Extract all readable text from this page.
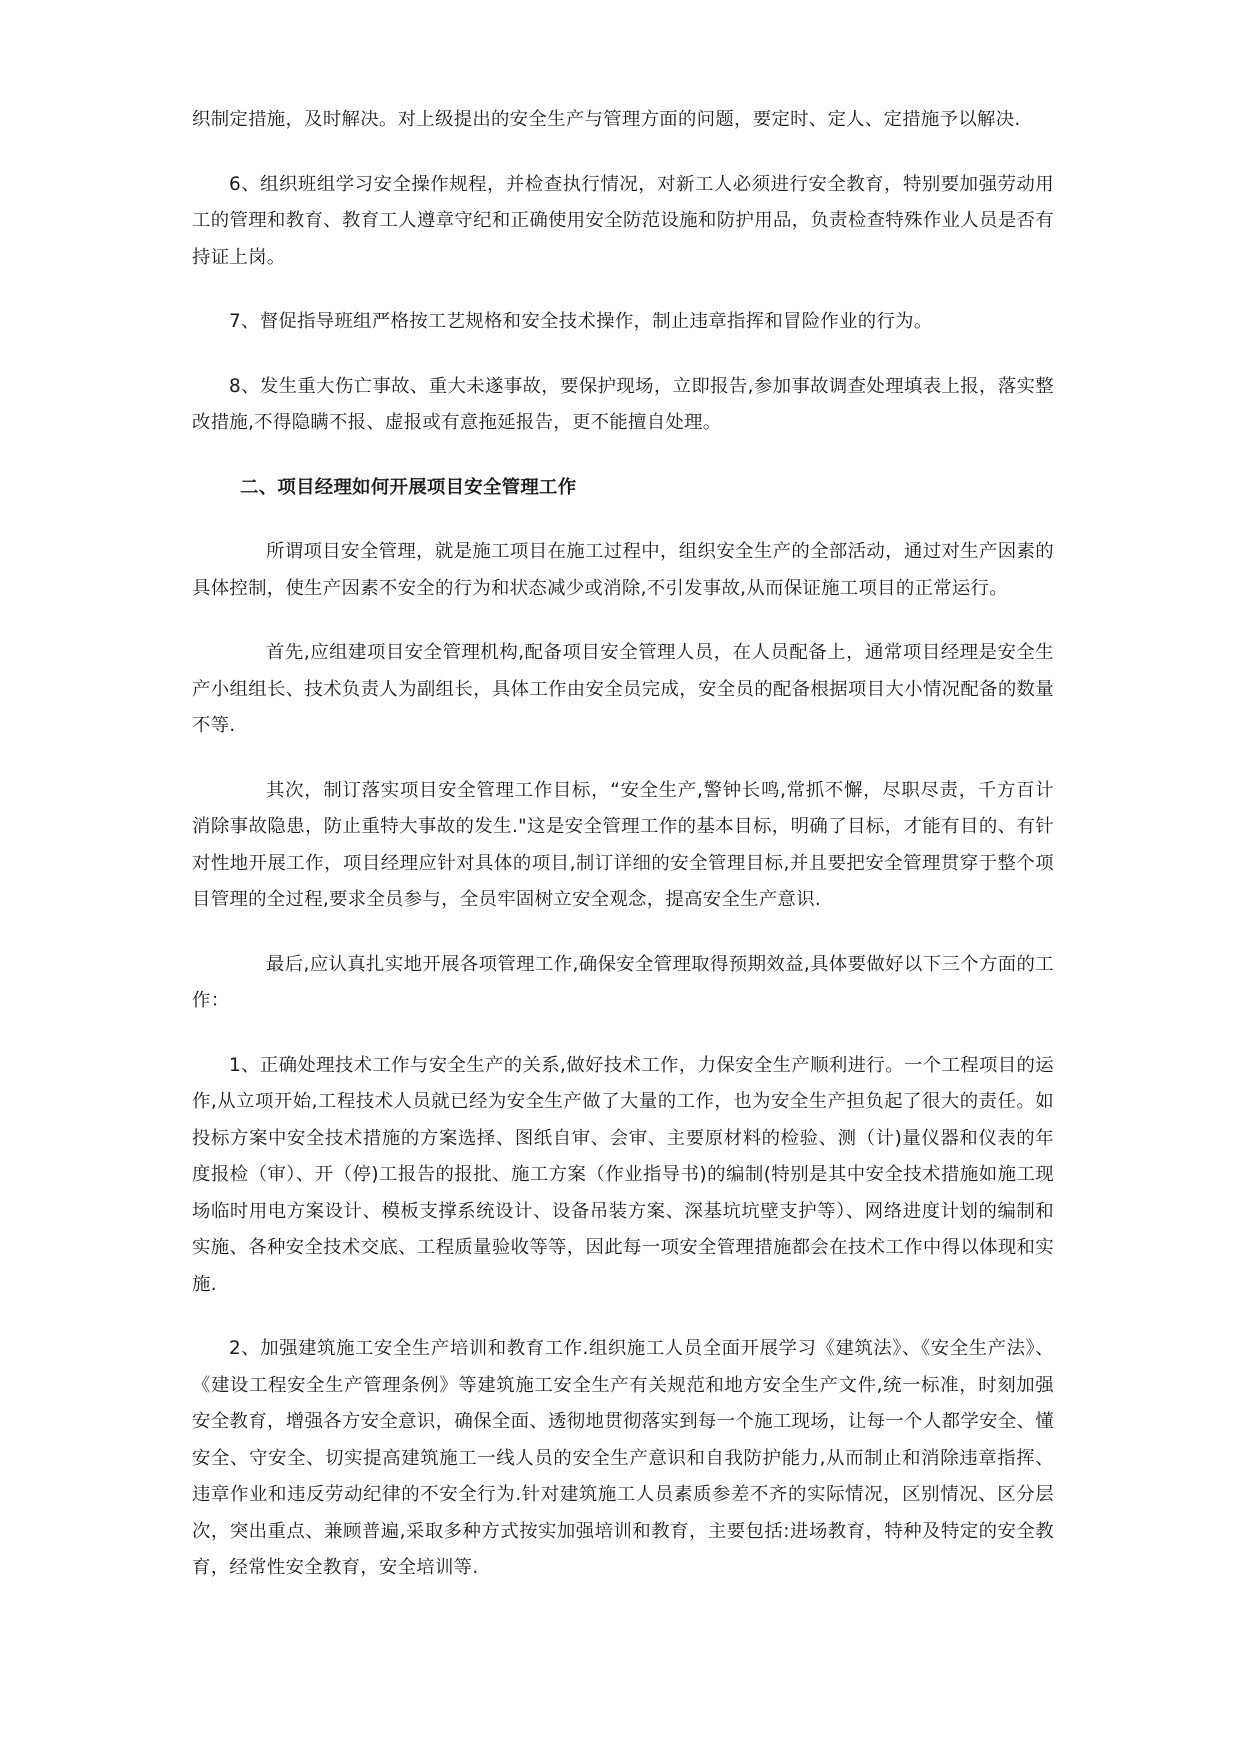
织制定措施，及时解决。对上级提出的安全生产与管理方面的问题，要定时、定人、定措施予以解决.

6、组织班组学习安全操作规程，并检查执行情况，对新工人必须进行安全教育，特别要加强劳动用工的管理和教育、教育工人遵章守纪和正确使用安全防范设施和防护用品，负责检查特殊作业人员是否有持证上岗。

7、督促指导班组严格按工艺规格和安全技术操作，制止违章指挥和冒险作业的行为。

8、发生重大伤亡事故、重大未遂事故，要保护现场，立即报告,参加事故调查处理填表上报，落实整改措施,不得隐瞒不报、虚报或有意拖延报告，更不能擅自处理。

二、项目经理如何开展项目安全管理工作

所谓项目安全管理，就是施工项目在施工过程中，组织安全生产的全部活动，通过对生产因素的具体控制，使生产因素不安全的行为和状态减少或消除,不引发事故,从而保证施工项目的正常运行。

首先,应组建项目安全管理机构,配备项目安全管理人员，在人员配备上，通常项目经理是安全生产小组组长、技术负责人为副组长，具体工作由安全员完成，安全员的配备根据项目大小情况配备的数量不等.

其次，制订落实项目安全管理工作目标，“安全生产,警钟长鸣,常抓不懈，尽职尽责，千方百计消除事故隐患，防止重特大事故的发生."这是安全管理工作的基本目标，明确了目标，才能有目的、有针对性地开展工作，项目经理应针对具体的项目,制订详细的安全管理目标,并且要把安全管理贯穿于整个项目管理的全过程,要求全员参与，全员牢固树立安全观念，提高安全生产意识.

最后,应认真扎实地开展各项管理工作,确保安全管理取得预期效益,具体要做好以下三个方面的工作：

1、正确处理技术工作与安全生产的关系,做好技术工作，力保安全生产顺利进行。一个工程项目的运作,从立项开始,工程技术人员就已经为安全生产做了大量的工作，也为安全生产担负起了很大的责任。如投标方案中安全技术措施的方案选择、图纸自审、会审、主要原材料的检验、测（计)量仪器和仪表的年度报检（审）、开（停)工报告的报批、施工方案（作业指导书)的编制(特别是其中安全技术措施如施工现场临时用电方案设计、模板支撑系统设计、设备吊装方案、深基坑坑壁支护等）、网络进度计划的编制和实施、各种安全技术交底、工程质量验收等等，因此每一项安全管理措施都会在技术工作中得以体现和实施.

2、加强建筑施工安全生产培训和教育工作.组织施工人员全面开展学习《建筑法》、《安全生产法》、《建设工程安全生产管理条例》等建筑施工安全生产有关规范和地方安全生产文件,统一标准，时刻加强安全教育，增强各方安全意识，确保全面、透彻地贯彻落实到每一个施工现场，让每一个人都学安全、懂安全、守安全、切实提高建筑施工一线人员的安全生产意识和自我防护能力,从而制止和消除违章指挥、违章作业和违反劳动纪律的不安全行为.针对建筑施工人员素质参差不齐的实际情况，区别情况、区分层次，突出重点、兼顾普遍,采取多种方式按实加强培训和教育，主要包括:进场教育，特种及特定的安全教育，经常性安全教育，安全培训等.
